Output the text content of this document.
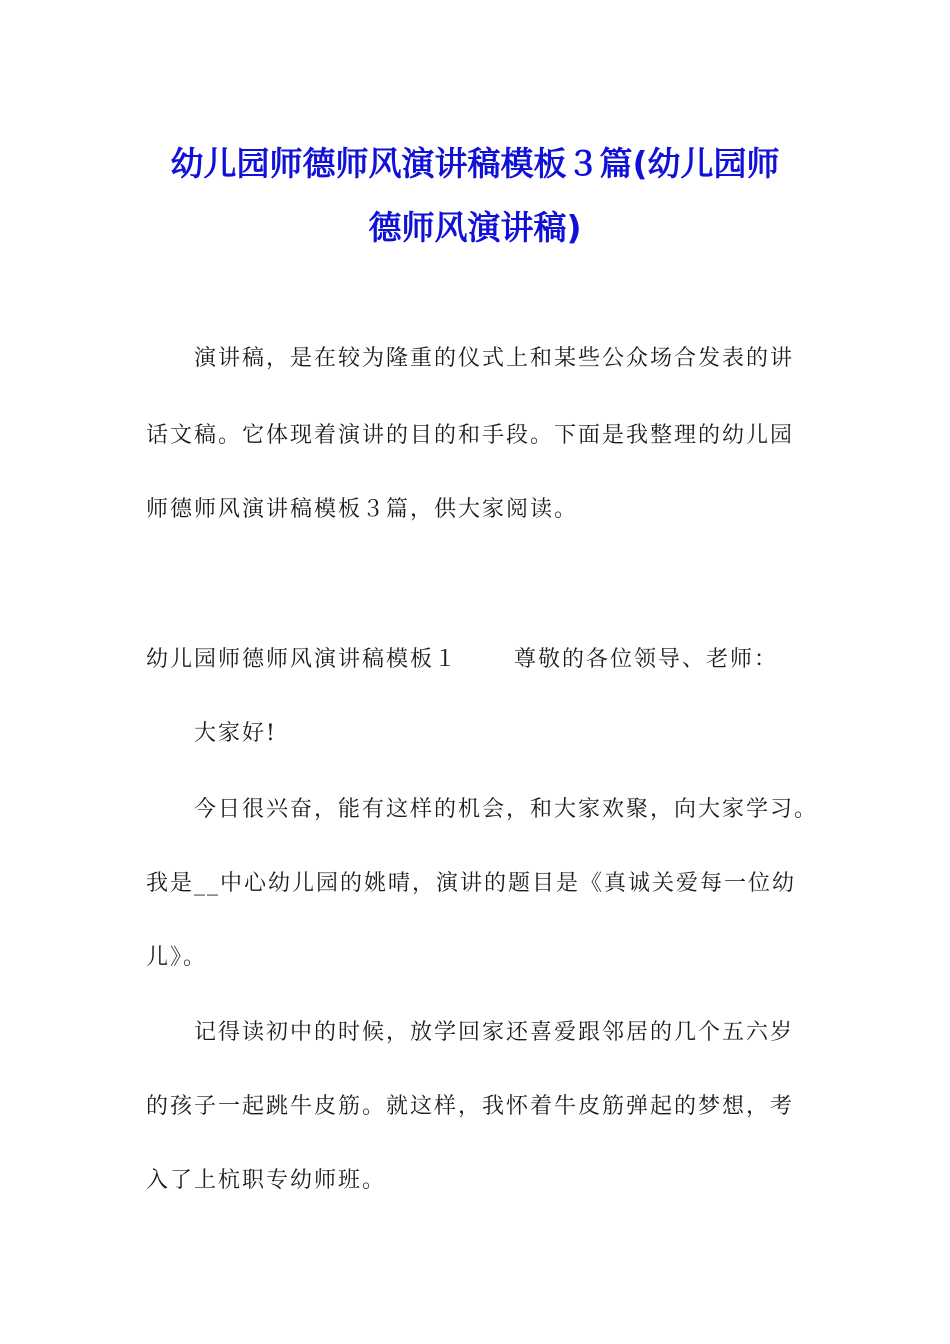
幼儿园师德师风演讲稿模板３篇(幼儿园师
德师风演讲稿)
演讲稿，是在较为隆重的仪式上和某些公众场合发表的讲
话文稿。它体现着演讲的目的和手段。下面是我整理的幼儿园
师德师风演讲稿模板３篇，供大家阅读。
幼儿园师德师风演讲稿模板１	尊敬的各位领导、老师：
大家好!
今日很兴奋，能有这样的机会，和大家欢聚，向大家学习。
我是__中心幼儿园的姚晴，演讲的题目是《真诚关爱每一位幼
儿》。
记得读初中的时候，放学回家还喜爱跟邻居的几个五六岁
的孩子一起跳牛皮筋。就这样，我怀着牛皮筋弹起的梦想，考
入了上杭职专幼师班。
